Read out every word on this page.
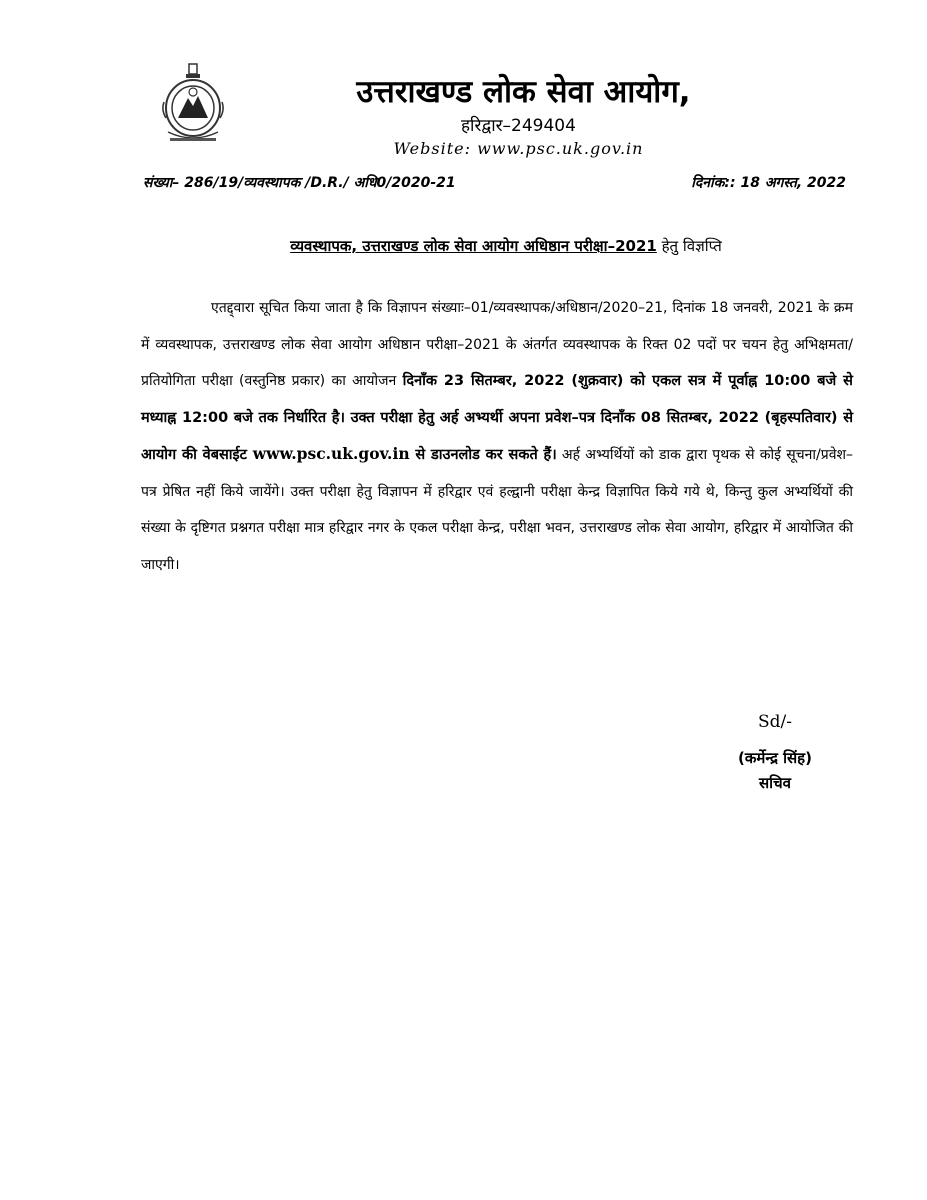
उत्तराखण्ड लोक सेवा आयोग,
हरिद्वार–249404
Website: www.psc.uk.gov.in
संख्या– 286/19/व्यवस्थापक /D.R./ अधि0/2020-21	दिनांक:: 18 अगस्त, 2022
व्यवस्थापक, उत्तराखण्ड लोक सेवा आयोग अधिष्ठान परीक्षा–2021 हेतु विज्ञप्ति
एतद्द्वारा सूचित किया जाता है कि विज्ञापन संख्याः–01/व्यवस्थापक/अधिष्ठान/2020–21, दिनांक 18 जनवरी, 2021 के क्रम में व्यवस्थापक, उत्तराखण्ड लोक सेवा आयोग अधिष्ठान परीक्षा–2021 के अंतर्गत व्यवस्थापक के रिक्त 02 पदों पर चयन हेतु अभिक्षमता/प्रतियोगिता परीक्षा (वस्तुनिष्ठ प्रकार) का आयोजन दिनाँक 23 सितम्बर, 2022 (शुक्रवार) को एकल सत्र में पूर्वाह्न 10:00 बजे से मध्याह्न 12:00 बजे तक निर्धारित है। उक्त परीक्षा हेतु अर्ह अभ्यर्थी अपना प्रवेश–पत्र दिनाँक 08 सितम्बर, 2022 (बृहस्पतिवार) से आयोग की वेबसाईट www.psc.uk.gov.in से डाउनलोड कर सकते हैं। अर्ह अभ्यर्थियों को डाक द्वारा पृथक से कोई सूचना/प्रवेश–पत्र प्रेषित नहीं किये जायेंगे। उक्त परीक्षा हेतु विज्ञापन में हरिद्वार एवं हल्द्वानी परीक्षा केन्द्र विज्ञापित किये गये थे, किन्तु कुल अभ्यर्थियों की संख्या के दृष्टिगत प्रश्नगत परीक्षा मात्र हरिद्वार नगर के एकल परीक्षा केन्द्र, परीक्षा भवन, उत्तराखण्ड लोक सेवा आयोग, हरिद्वार में आयोजित की जाएगी।
Sd/-
(कर्मेन्द्र सिंह)
सचिव
